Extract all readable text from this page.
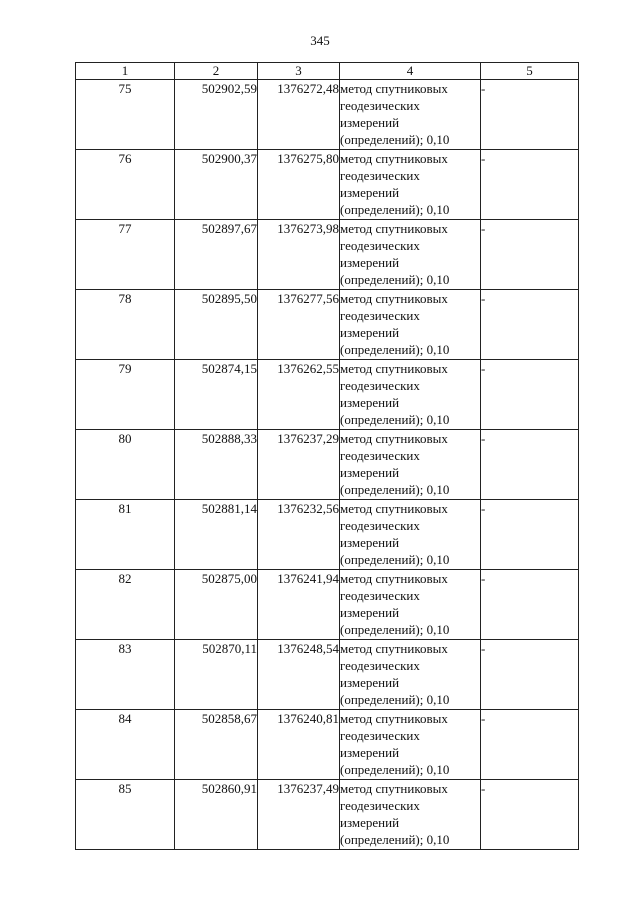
345
1	2	3	4	5
75	502902,59	1376272,48	метод спутниковых
геодезических
измерений
(определений); 0,10	-
76	502900,37	1376275,80	метод спутниковых
геодезических
измерений
(определений); 0,10	-
77	502897,67	1376273,98	метод спутниковых
геодезических
измерений
(определений); 0,10	-
78	502895,50	1376277,56	метод спутниковых
геодезических
измерений
(определений); 0,10	-
79	502874,15	1376262,55	метод спутниковых
геодезических
измерений
(определений); 0,10	-
80	502888,33	1376237,29	метод спутниковых
геодезических
измерений
(определений); 0,10	-
81	502881,14	1376232,56	метод спутниковых
геодезических
измерений
(определений); 0,10	-
82	502875,00	1376241,94	метод спутниковых
геодезических
измерений
(определений); 0,10	-
83	502870,11	1376248,54	метод спутниковых
геодезических
измерений
(определений); 0,10	-
84	502858,67	1376240,81	метод спутниковых
геодезических
измерений
(определений); 0,10	-
85	502860,91	1376237,49	метод спутниковых
геодезических
измерений
(определений); 0,10	-
